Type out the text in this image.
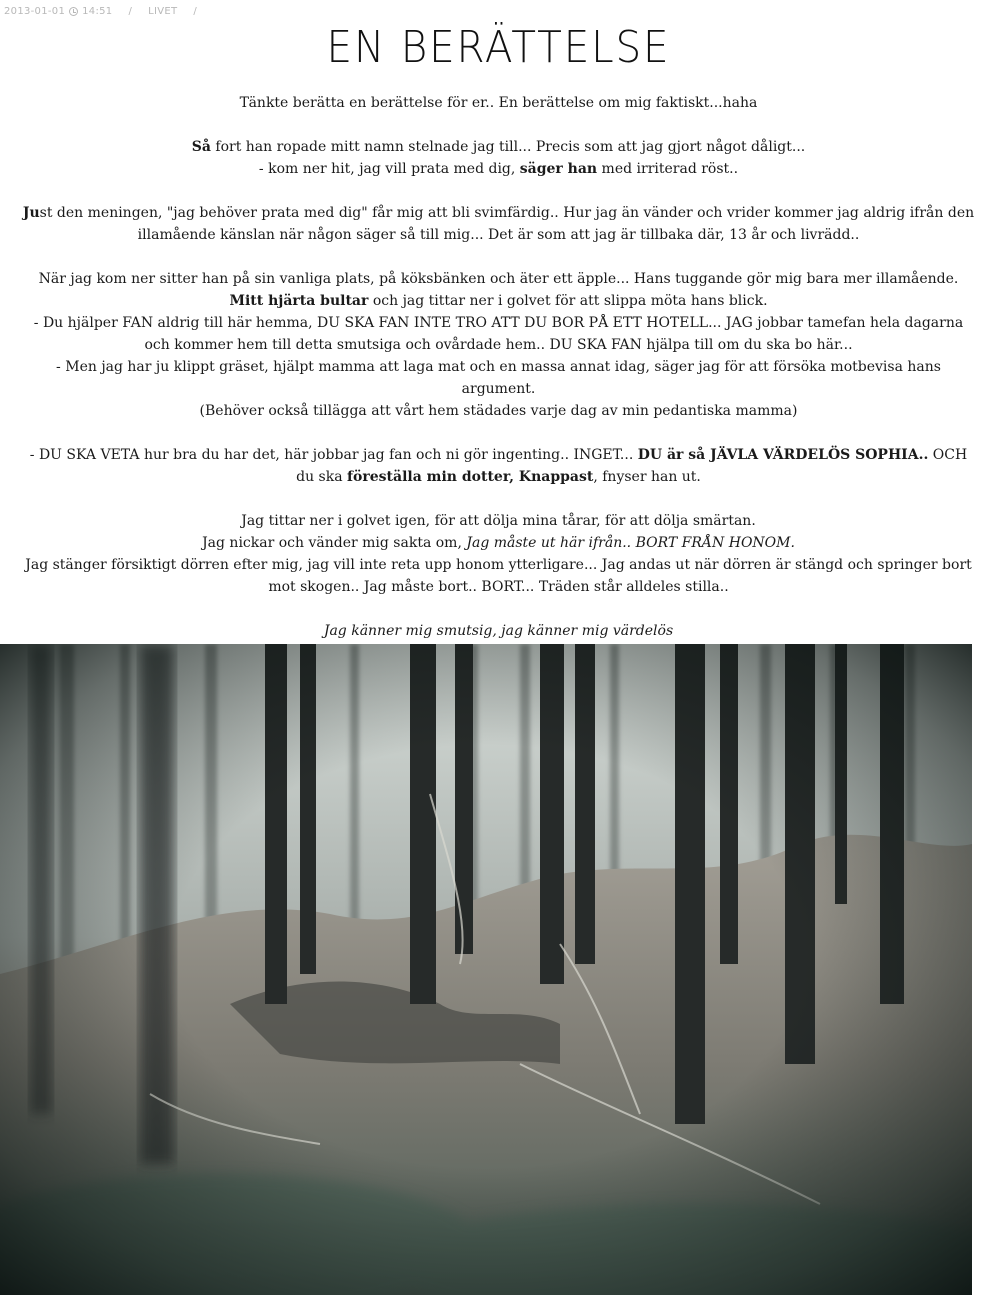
2013-01-01 14:51 / LIVET /
EN BERÄTTELSE

Tänkte berätta en berättelse för er.. En berättelse om mig faktiskt...haha

Så fort han ropade mitt namn stelnade jag till... Precis som att jag gjort något dåligt...
- kom ner hit, jag vill prata med dig, säger han med irriterad röst..

Just den meningen, "jag behöver prata med dig" får mig att bli svimfärdig.. Hur jag än vänder och vrider kommer jag aldrig ifrån den illamående känslan när någon säger så till mig... Det är som att jag är tillbaka där, 13 år och livrädd..

När jag kom ner sitter han på sin vanliga plats, på köksbänken och äter ett äpple... Hans tuggande gör mig bara mer illamående. Mitt hjärta bultar och jag tittar ner i golvet för att slippa möta hans blick.
- Du hjälper FAN aldrig till här hemma, DU SKA FAN INTE TRO ATT DU BOR PÅ ETT HOTELL... JAG jobbar tamefan hela dagarna och kommer hem till detta smutsiga och ovårdade hem.. DU SKA FAN hjälpa till om du ska bo här...
- Men jag har ju klippt gräset, hjälpt mamma att laga mat och en massa annat idag, säger jag för att försöka motbevisa hans argument.
(Behöver också tillägga att vårt hem städades varje dag av min pedantiska mamma)

- DU SKA VETA hur bra du har det, här jobbar jag fan och ni gör ingenting.. INGET... DU är så JÄVLA VÄRDELÖS SOPHIA.. OCH du ska föreställa min dotter, Knappast, fnyser han ut.

Jag tittar ner i golvet igen, för att dölja mina tårar, för att dölja smärtan.
Jag nickar och vänder mig sakta om, Jag måste ut här ifrån.. BORT FRÅN HONOM.
Jag stänger försiktigt dörren efter mig, jag vill inte reta upp honom ytterligare... Jag andas ut när dörren är stängd och springer bort mot skogen.. Jag måste bort.. BORT... Träden står alldeles stilla..

Jag känner mig smutsig, jag känner mig värdelös
